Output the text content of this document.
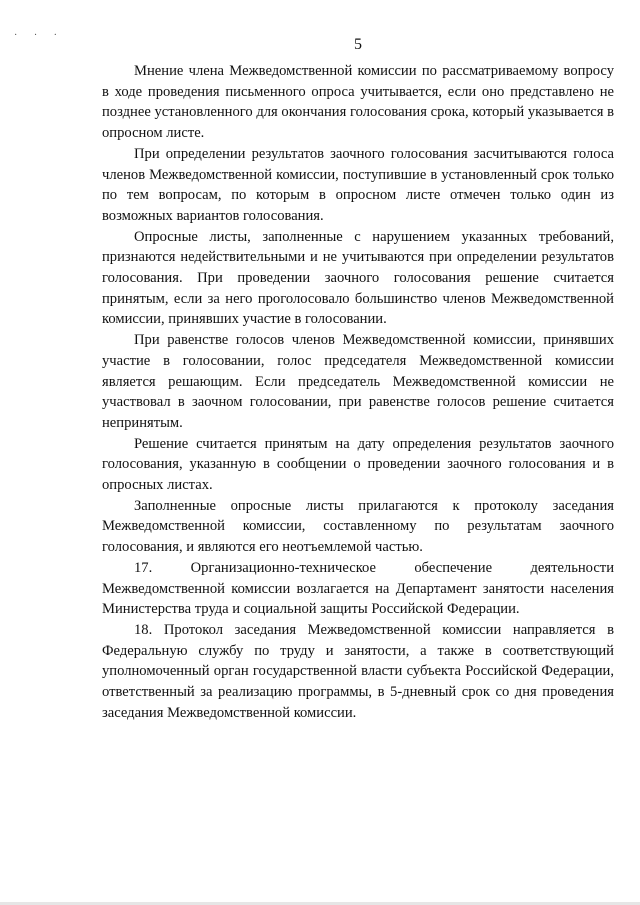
· · ·
5

Мнение члена Межведомственной комиссии по рассматриваемому вопросу в ходе проведения письменного опроса учитывается, если оно представлено не позднее установленного для окончания голосования срока, который указывается в опросном листе.

При определении результатов заочного голосования засчитываются голоса членов Межведомственной комиссии, поступившие в установленный срок только по тем вопросам, по которым в опросном листе отмечен только один из возможных вариантов голосования.

Опросные листы, заполненные с нарушением указанных требований, признаются недействительными и не учитываются при определении результатов голосования. При проведении заочного голосования решение считается принятым, если за него проголосовало большинство членов Межведомственной комиссии, принявших участие в голосовании.

При равенстве голосов членов Межведомственной комиссии, принявших участие в голосовании, голос председателя Межведомственной комиссии является решающим. Если председатель Межведомственной комиссии не участвовал в заочном голосовании, при равенстве голосов решение считается непринятым.

Решение считается принятым на дату определения результатов заочного голосования, указанную в сообщении о проведении заочного голосования и в опросных листах.

Заполненные опросные листы прилагаются к протоколу заседания Межведомственной комиссии, составленному по результатам заочного голосования, и являются его неотъемлемой частью.

17. Организационно-техническое обеспечение деятельности Межведомственной комиссии возлагается на Департамент занятости населения Министерства труда и социальной защиты Российской Федерации.

18. Протокол заседания Межведомственной комиссии направляется в Федеральную службу по труду и занятости, а также в соответствующий уполномоченный орган государственной власти субъекта Российской Федерации, ответственный за реализацию программы, в 5-дневный срок со дня проведения заседания Межведомственной комиссии.
